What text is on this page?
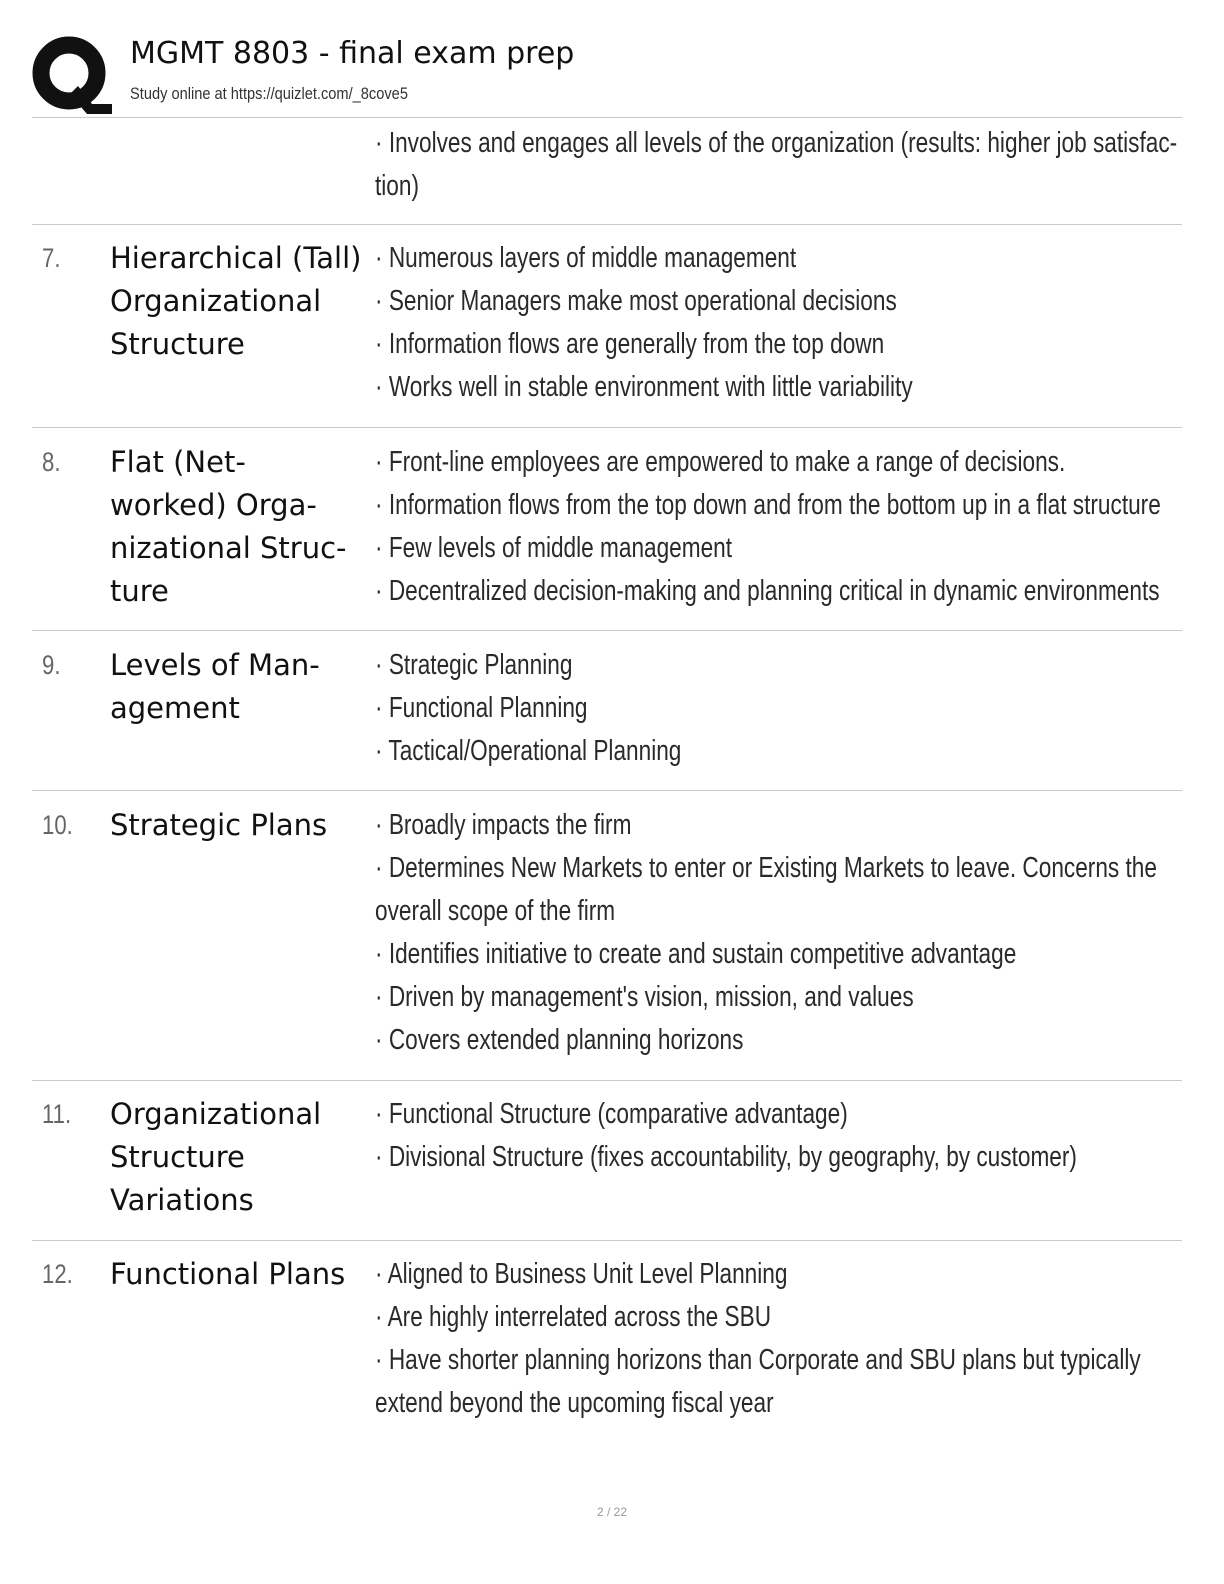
MGMT 8803 - final exam prep
Study online at https://quizlet.com/_8cove5
· Involves and engages all levels of the organization (results: higher job satisfac-
tion)
7. Hierarchical (Tall)
Organizational
Structure
· Numerous layers of middle management
· Senior Managers make most operational decisions
· Information flows are generally from the top down
· Works well in stable environment with little variability
8. Flat (Net-
worked) Orga-
nizational Struc-
ture
· Front-line employees are empowered to make a range of decisions.
· Information flows from the top down and from the bottom up in a flat structure
· Few levels of middle management
· Decentralized decision-making and planning critical in dynamic environments
9. Levels of Man-
agement
· Strategic Planning
· Functional Planning
· Tactical/Operational Planning
10. Strategic Plans	· Broadly impacts the firm
· Determines New Markets to enter or Existing Markets to leave. Concerns the
overall scope of the firm
· Identifies initiative to create and sustain competitive advantage
· Driven by management's vision, mission, and values
· Covers extended planning horizons
11. Organizational
Structure
Variations
· Functional Structure (comparative advantage)
· Divisional Structure (fixes accountability, by geography, by customer)
12. Functional Plans	· Aligned to Business Unit Level Planning
· Are highly interrelated across the SBU
· Have shorter planning horizons than Corporate and SBU plans but typically
extend beyond the upcoming fiscal year
2 / 22
